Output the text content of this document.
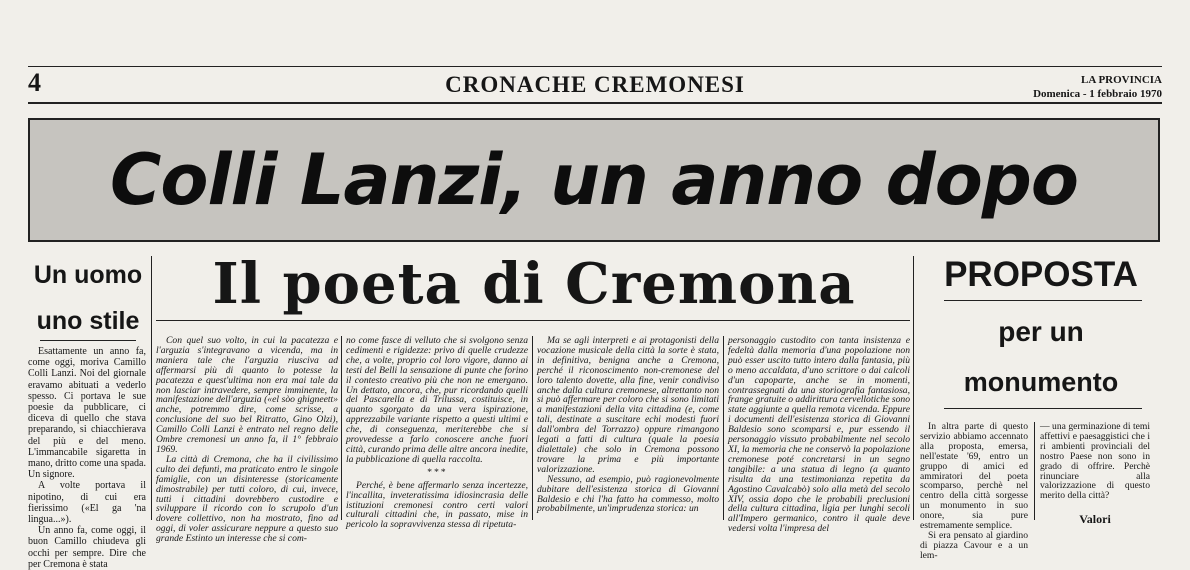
4	CRONACHE CREMONESI	LA PROVINCIA
Domenica - 1 febbraio 1970
Colli Lanzi, un anno dopo
Un uomo
uno stile

Esattamente un anno fa, come oggi, moriva Camillo Colli Lanzi. Noi del giornale eravamo abituati a vederlo spesso. Ci portava le sue poesie da pubblicare, ci diceva di quello che stava preparando, si chiacchierava del più e del meno. L'immancabile sigaretta in mano, dritto come una spada. Un signore.

A volte portava il nipotino, di cui era fierissimo («El ga 'na lingua...»).

Un anno fa, come oggi, il buon Camillo chiudeva gli occhi per sempre. Dire che per Cremona è stata

Il poeta di Cremona

Con quel suo volto, in cui la pacatezza e l'arguzia s'integravano a vicenda, ma in maniera tale che l'arguzia riusciva ad affermarsi più di quanto lo potesse la pacatezza e quest'ultima non era mai tale da non lasciar intravedere, sempre imminente, la manifestazione dell'arguzia («el sòo ghigneett» anche, potremmo dire, come scrisse, a conclusione del suo bel Ritratto, Gino Olzi), Camillo Colli Lanzi è entrato nel regno delle Ombre cremonesi un anno fa, il 1° febbraio 1969.

La città di Cremona, che ha il civilissimo culto dei defunti, ma praticato entro le singole famiglie, con un disinteresse (storicamente dimostrabile) per tutti coloro, di cui, invece, tutti i cittadini dovrebbero custodire e sviluppare il ricordo con lo scrupolo d'un dovere collettivo, non ha mostrato, fino ad oggi, di voler assicurare neppure a questo suo grande Estinto un interesse che si com-

no come fasce di velluto che si svolgono senza cedimenti e rigidezze: privo di quelle crudezze che, a volte, proprio col loro vigore, danno ai testi del Belli la sensazione di punte che forino il contesto creativo più che non ne emergano. Un dettato, ancora, che, pur ricordando quelli del Pascarella e di Trilussa, costituisce, in quanto sgorgato da una vera ispirazione, apprezzabile variante rispetto a questi ultimi e che, di conseguenza, meriterebbe che si provvedesse a farlo conoscere anche fuori città, curando prima delle altre ancora inedite, la pubblicazione di quella raccolta.

***

Perché, è bene affermarlo senza incertezze, l'incallita, inveteratissima idiosincrasia delle istituzioni cremonesi contro certi valori culturali cittadini che, in passato, mise in pericolo la sopravvivenza stessa di ripetuta-

Ma se agli interpreti e ai protagonisti della vocazione musicale della città la sorte è stata, in definitiva, benigna anche a Cremona, perché il riconoscimento non-cremonese del loro talento dovette, alla fine, venir condiviso anche dalla cultura cremonese, altrettanto non si può affermare per coloro che si sono limitati a manifestazioni della vita cittadina (e, come tali, destinate a suscitare echi modesti fuori dall'ombra del Torrazzo) oppure rimangono legati a fatti di cultura (quale la poesia dialettale) che solo in Cremona possono trovare la prima e più importante valorizzazione.

Nessuno, ad esempio, può ragionevolmente dubitare dell'esistenza storica di Giovanni Baldesio e chi l'ha fatto ha commesso, molto probabilmente, un'imprudenza storica: un

personaggio custodito con tanta insistenza e fedeltà dalla memoria d'una popolazione non può esser uscito tutto intero dalla fantasia, più o meno accaldata, d'uno scrittore o dai calcoli d'un capoparte, anche se in momenti, contrassegnati da una storiografia fantasiosa, frange gratuite o addirittura cervellotiche sono state aggiunte a quella remota vicenda. Eppure i documenti dell'esistenza storica di Giovanni Baldesio sono scomparsi e, pur essendo il personaggio vissuto probabilmente nel secolo XI, la memoria che ne conservò la popolazione cremonese poté concretarsi in un segno tangibile: a una statua di legno (a quanto risulta da una testimonianza repetita da Agostino Cavalcabò) solo alla metà del secolo XIV, ossia dopo che le probabili preclusioni della cultura cittadina, ligia per lunghi secoli all'Impero germanico, contro il quale deve vedersi volta l'impresa del

PROPOSTA
per un
monumento

In altra parte di questo servizio abbiamo accennato alla proposta, emersa, nell'estate '69, entro un gruppo di amici ed ammiratori del poeta scomparso, perchè nel centro della città sorgesse un monumento in suo onore, sia pure estremamente semplice.

Si era pensato al giardino di piazza Cavour e a un lem-

— una germinazione di temi affettivi e paesaggistici che i ri ambienti provinciali del nostro Paese non sono in grado di offrire. Perchè rinunciare alla valorizzazione di questo merito della città?

Valori
